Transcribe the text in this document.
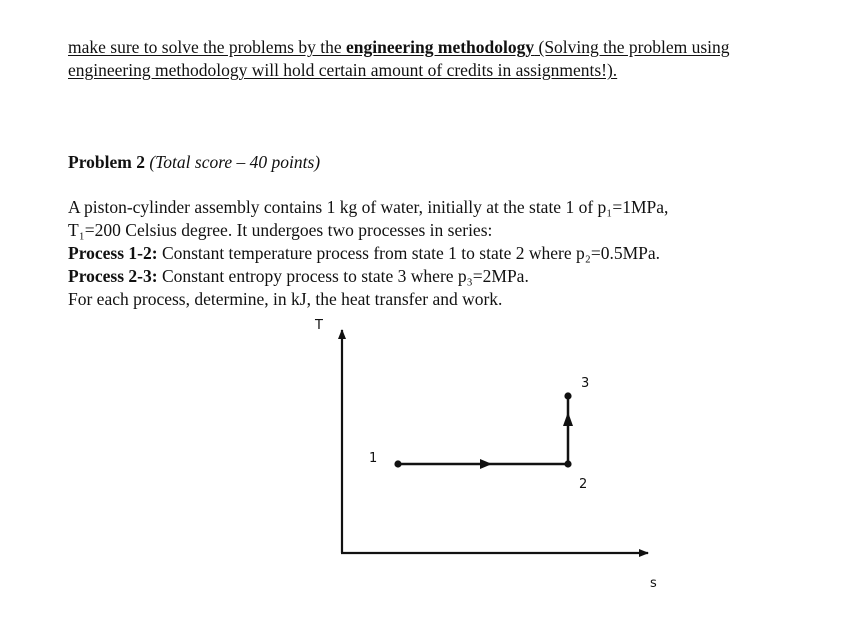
make sure to solve the problems by the engineering methodology (Solving the problem using engineering methodology will hold certain amount of credits in assignments!).
Problem 2 (Total score – 40 points)

A piston-cylinder assembly contains 1 kg of water, initially at the state 1 of p₁=1MPa,

T₁=200 Celsius degree. It undergoes two processes in series:

Process 1-2: Constant temperature process from state 1 to state 2 where p₂=0.5MPa.

Process 2-3: Constant entropy process to state 3 where p₃=2MPa.

For each process, determine, in kJ, the heat transfer and work.

T
s
1
2
3
